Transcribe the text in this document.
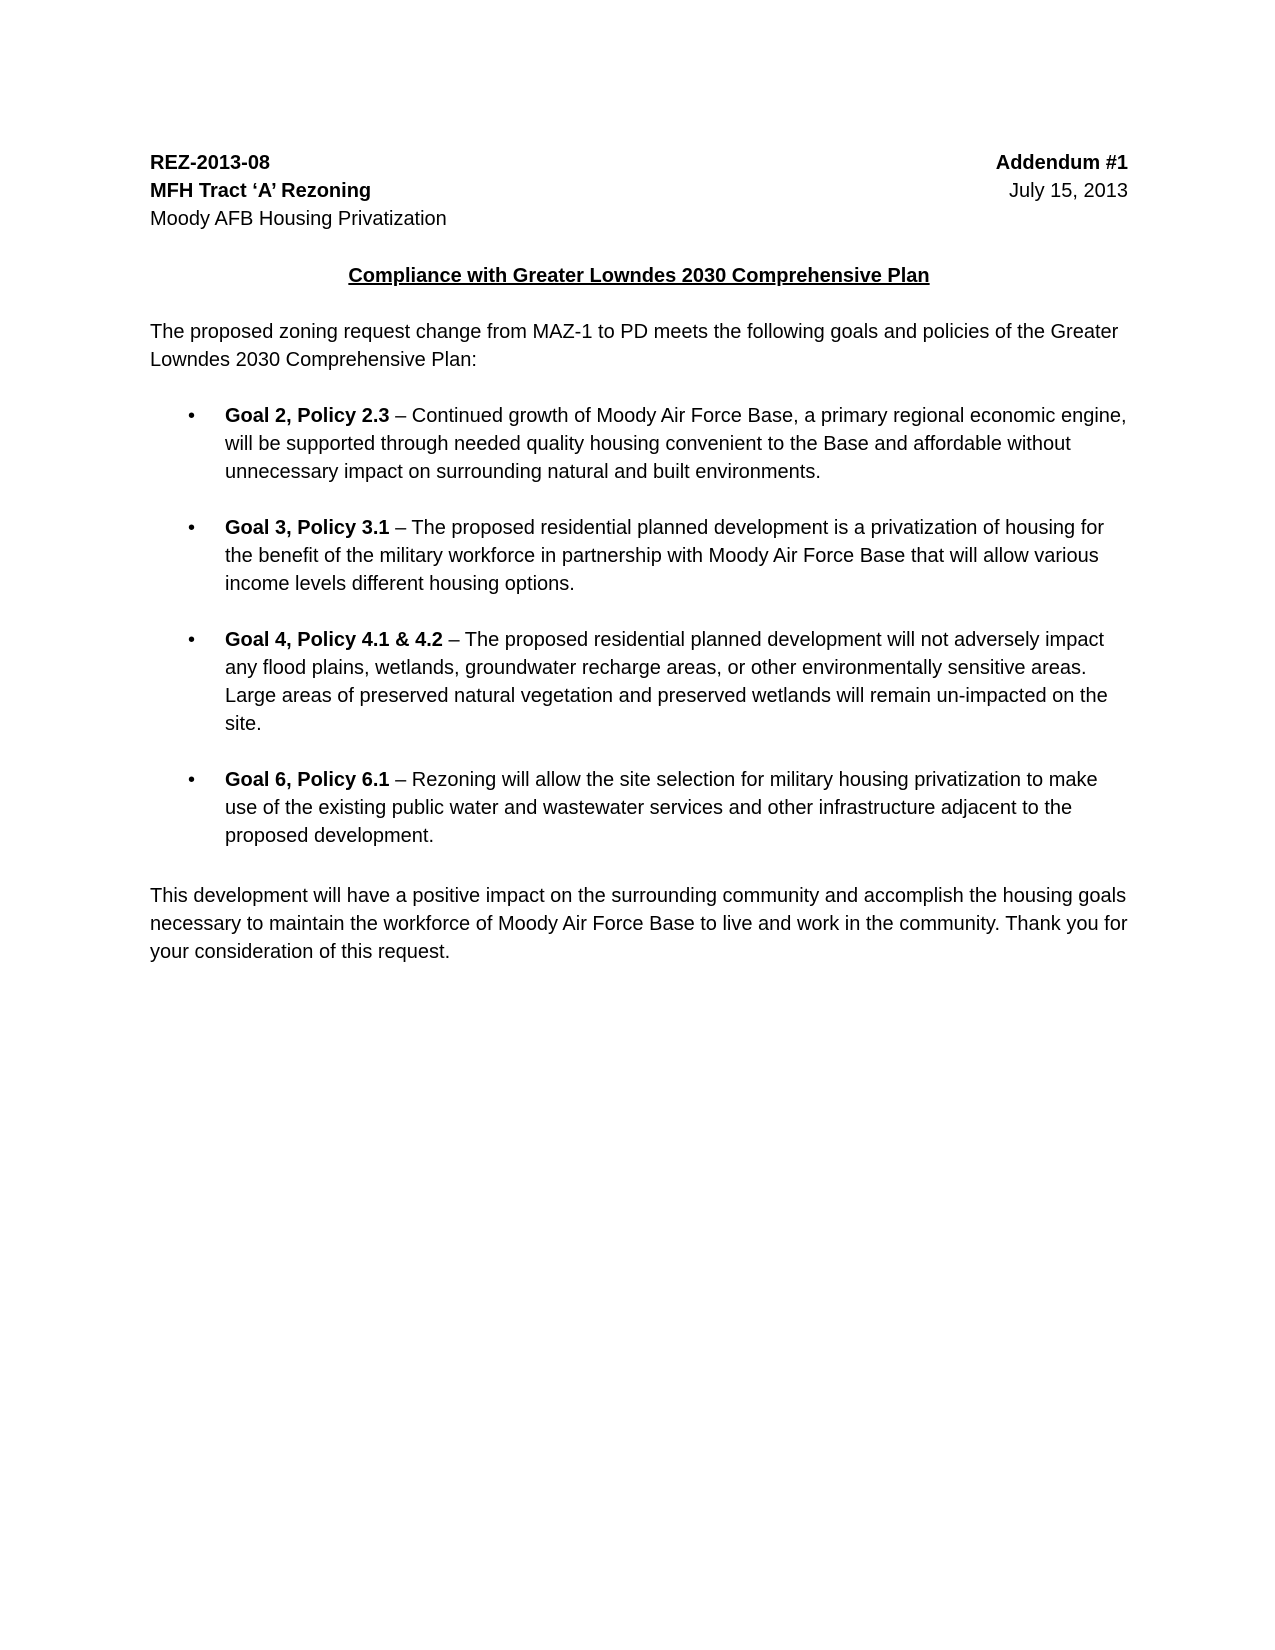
REZ-2013-08
MFH Tract ‘A’ Rezoning
Moody AFB Housing Privatization
Addendum #1
July 15, 2013
Compliance with Greater Lowndes 2030 Comprehensive Plan
The proposed zoning request change from MAZ-1 to PD meets the following goals and policies of the Greater Lowndes 2030 Comprehensive Plan:
•	Goal 2, Policy 2.3 – Continued growth of Moody Air Force Base, a primary regional economic engine, will be supported through needed quality housing convenient to the Base and affordable without unnecessary impact on surrounding natural and built environments.
•	Goal 3, Policy 3.1 – The proposed residential planned development is a privatization of housing for the benefit of the military workforce in partnership with Moody Air Force Base that will allow various income levels different housing options.
•	Goal 4, Policy 4.1 & 4.2 – The proposed residential planned development will not adversely impact any flood plains, wetlands, groundwater recharge areas, or other environmentally sensitive areas. Large areas of preserved natural vegetation and preserved wetlands will remain un-impacted on the site.
•	Goal 6, Policy 6.1 – Rezoning will allow the site selection for military housing privatization to make use of the existing public water and wastewater services and other infrastructure adjacent to the proposed development.
This development will have a positive impact on the surrounding community and accomplish the housing goals necessary to maintain the workforce of Moody Air Force Base to live and work in the community. Thank you for your consideration of this request.
